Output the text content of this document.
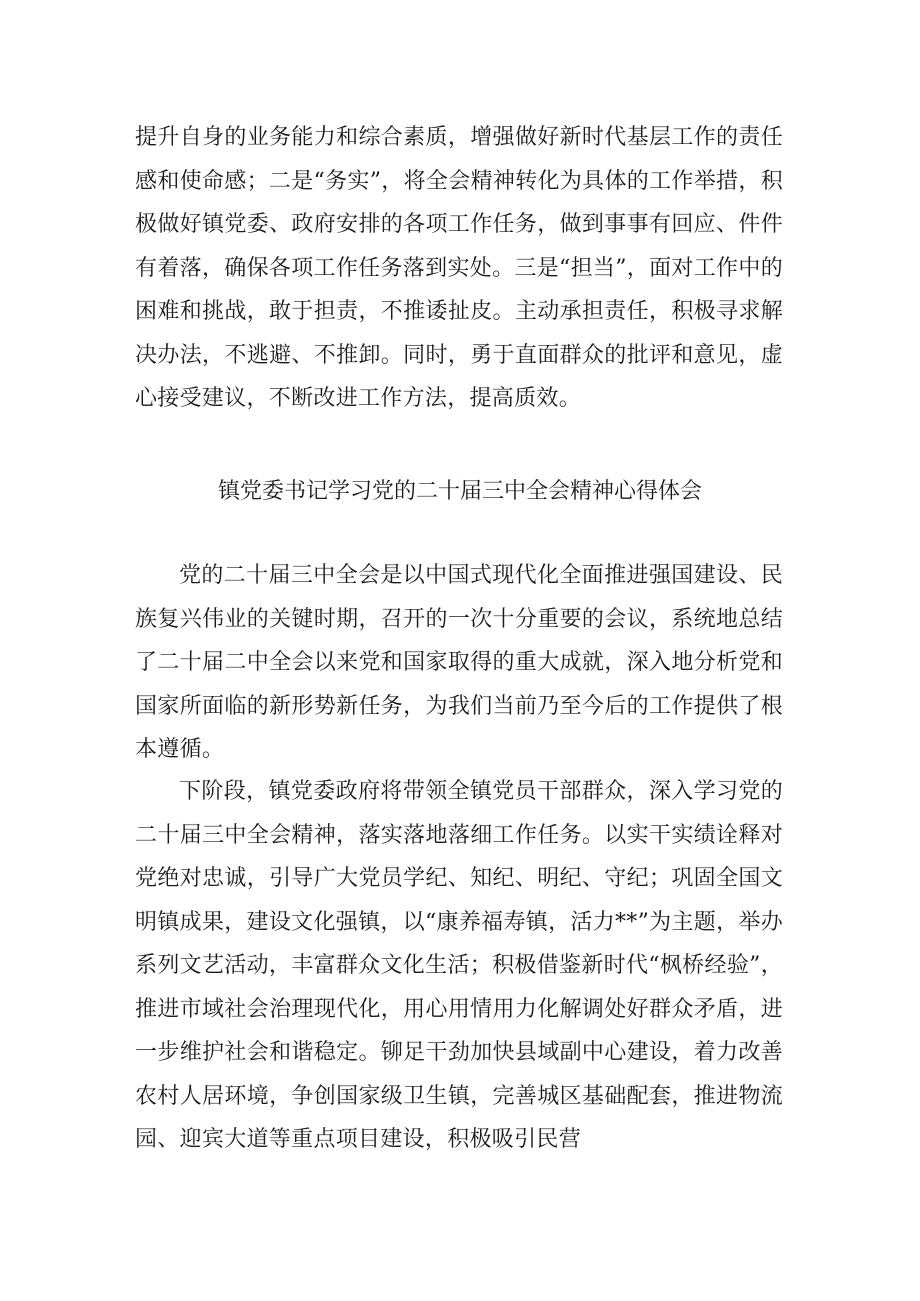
提升自身的业务能力和综合素质，增强做好新时代基层工作的责任感和使命感；二是“务实”，将全会精神转化为具体的工作举措，积极做好镇党委、政府安排的各项工作任务，做到事事有回应、件件有着落，确保各项工作任务落到实处。三是“担当”，面对工作中的困难和挑战，敢于担责，不推诿扯皮。主动承担责任，积极寻求解决办法，不逃避、不推卸。同时，勇于直面群众的批评和意见，虚心接受建议，不断改进工作方法，提高质效。

镇党委书记学习党的二十届三中全会精神心得体会

党的二十届三中全会是以中国式现代化全面推进强国建设、民族复兴伟业的关键时期，召开的一次十分重要的会议，系统地总结了二十届二中全会以来党和国家取得的重大成就，深入地分析党和国家所面临的新形势新任务，为我们当前乃至今后的工作提供了根本遵循。

下阶段，镇党委政府将带领全镇党员干部群众，深入学习党的二十届三中全会精神，落实落地落细工作任务。以实干实绩诠释对党绝对忠诚，引导广大党员学纪、知纪、明纪、守纪；巩固全国文明镇成果，建设文化强镇，以“康养福寿镇，活力**”为主题，举办系列文艺活动，丰富群众文化生活；积极借鉴新时代“枫桥经验”，推进市域社会治理现代化，用心用情用力化解调处好群众矛盾，进一步维护社会和谐稳定。铆足干劲加快县域副中心建设，着力改善农村人居环境，争创国家级卫生镇，完善城区基础配套，推进物流园、迎宾大道等重点项目建设，积极吸引民营
